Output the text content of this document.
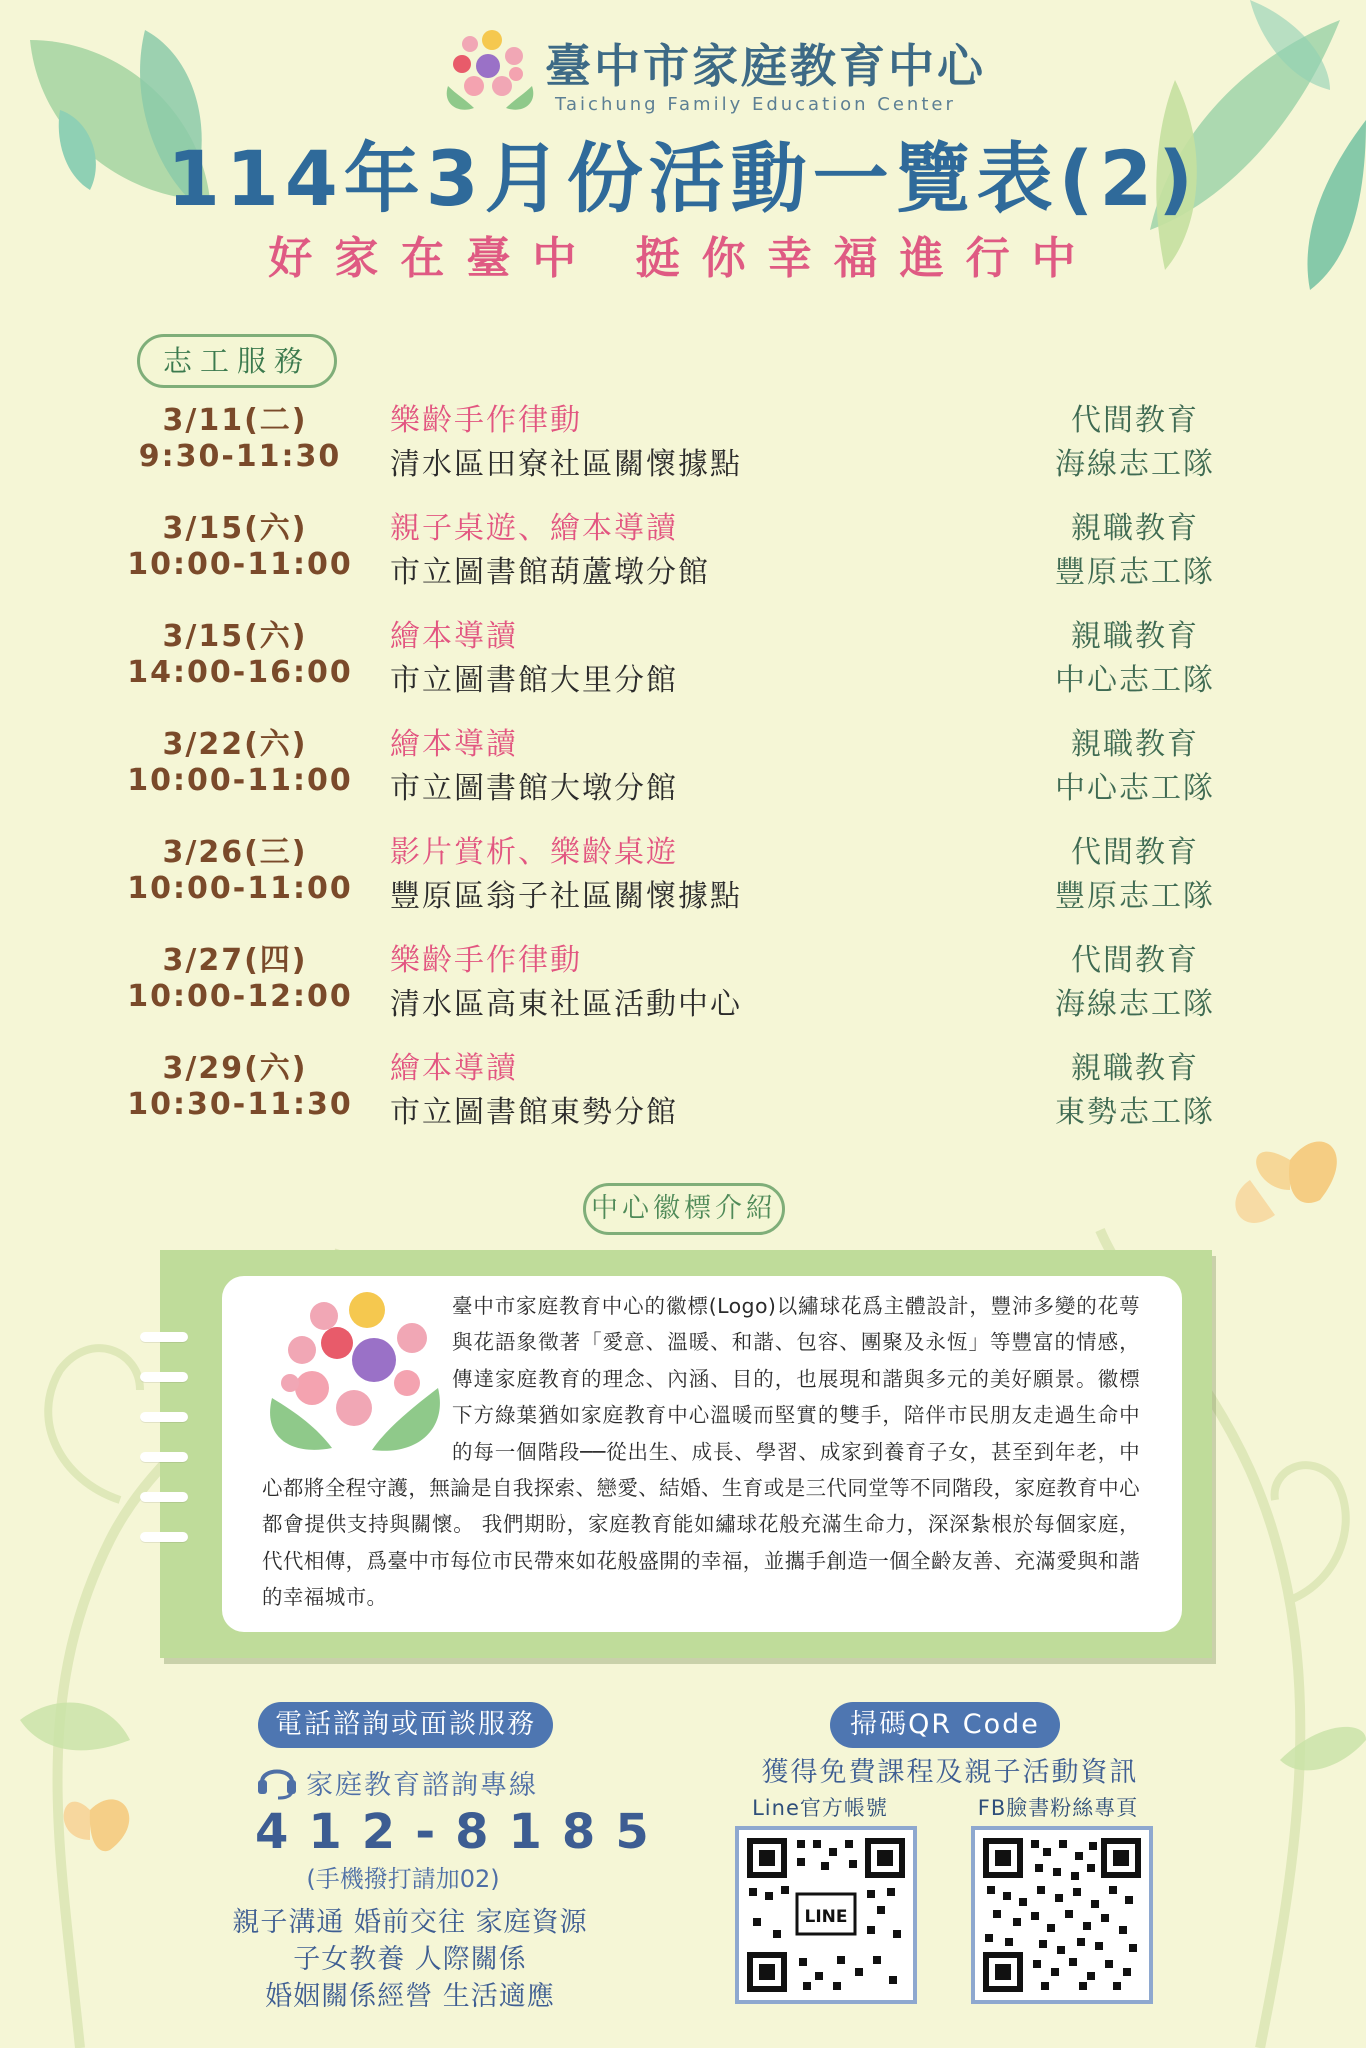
臺中市家庭教育中心
Taichung Family Education Center
114年3月份活動一覽表(2)
好家在臺中 挺你幸福進行中
志工服務
3/11(二)
9:30-11:30
樂齡手作律動
清水區田寮社區關懷據點
代間教育
海線志工隊
3/15(六)
10:00-11:00
親子桌遊、繪本導讀
市立圖書館葫蘆墩分館
親職教育
豐原志工隊
3/15(六)
14:00-16:00
繪本導讀
市立圖書館大里分館
親職教育
中心志工隊
3/22(六)
10:00-11:00
繪本導讀
市立圖書館大墩分館
親職教育
中心志工隊
3/26(三)
10:00-11:00
影片賞析、樂齡桌遊
豐原區翁子社區關懷據點
代間教育
豐原志工隊
3/27(四)
10:00-12:00
樂齡手作律動
清水區高東社區活動中心
代間教育
海線志工隊
3/29(六)
10:30-11:30
繪本導讀
市立圖書館東勢分館
親職教育
東勢志工隊
中心徽標介紹
臺中市家庭教育中心的徽標(Logo)以繡球花爲主體設計，豐沛多變的花萼與花語象徵著「愛意、溫暖、和諧、包容、團聚及永恆」等豐富的情感，傳達家庭教育的理念、內涵、目的，也展現和諧與多元的美好願景。徽標下方綠葉猶如家庭教育中心溫暖而堅實的雙手，陪伴市民朋友走過生命中的每一個階段──從出生、成長、學習、成家到養育子女，甚至到年老，中心都將全程守護，無論是自我探索、戀愛、結婚、生育或是三代同堂等不同階段，家庭教育中心都會提供支持與關懷。 我們期盼，家庭教育能如繡球花般充滿生命力，深深紮根於每個家庭，代代相傳，爲臺中市每位市民帶來如花般盛開的幸福，並攜手創造一個全齡友善、充滿愛與和諧的幸福城市。
電話諮詢或面談服務
家庭教育諮詢專線
412-8185
(手機撥打請加02)
親子溝通 婚前交往 家庭資源
子女教養 人際關係
婚姻關係經營 生活適應
掃碼QR Code
獲得免費課程及親子活動資訊
Line官方帳號	FB臉書粉絲專頁
LINE
